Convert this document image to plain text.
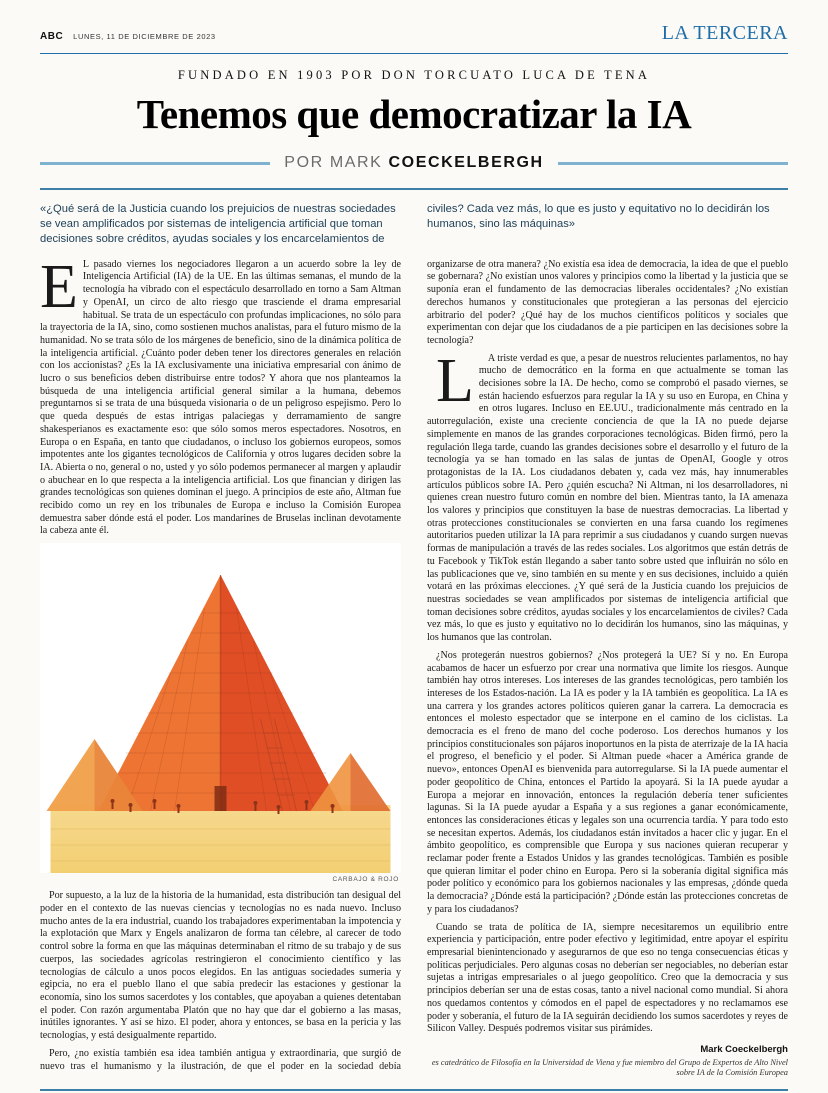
ABC LUNES, 11 DE DICIEMBRE DE 2023	LA TERCERA
FUNDADO EN 1903 POR DON TORCUATO LUCA DE TENA
Tenemos que democratizar la IA
POR MARK COECKELBERGH
«¿Qué será de la Justicia cuando los prejuicios de nuestras sociedades se vean amplificados por sistemas de inteligencia artificial que toman decisiones sobre créditos, ayudas sociales y los encarcelamientos de civiles? Cada vez más, lo que es justo y equitativo no lo decidirán los humanos, sino las máquinas»

EL pasado viernes los negociadores llegaron a un acuerdo sobre la ley de Inteligencia Artificial (IA) de la UE. En las últimas semanas, el mundo de la tecnología ha vibrado con el espectáculo desarrollado en torno a Sam Altman y OpenAI, un circo de alto riesgo que trasciende el drama empresarial habitual. Se trata de un espectáculo con profundas implicaciones, no sólo para la trayectoria de la IA, sino, como sostienen muchos analistas, para el futuro mismo de la humanidad. No se trata sólo de los márgenes de beneficio, sino de la dinámica política de la inteligencia artificial. ¿Cuánto poder deben tener los directores generales en relación con los accionistas? ¿Es la IA exclusivamente una iniciativa empresarial con ánimo de lucro o sus beneficios deben distribuirse entre todos? Y ahora que nos planteamos la búsqueda de una inteligencia artificial general similar a la humana, debemos preguntarnos si se trata de una búsqueda visionaria o de un peligroso espejismo. Pero lo que queda después de estas intrigas palaciegas y derramamiento de sangre shakesperianos es exactamente eso: que sólo somos meros espectadores. Nosotros, en Europa o en España, en tanto que ciudadanos, o incluso los gobiernos europeos, somos impotentes ante los gigantes tecnológicos de California y otros lugares deciden sobre la IA. Abierta o no, general o no, usted y yo sólo podemos permanecer al margen y aplaudir o abuchear en lo que respecta a la inteligencia artificial. Los que financian y dirigen las grandes tecnológicas son quienes dominan el juego. A principios de este año, Altman fue recibido como un rey en los tribunales de Europa e incluso la Comisión Europea demuestra saber dónde está el poder. Los mandarines de Bruselas inclinan devotamente la cabeza ante él.

CARBAJO & ROJO

Por supuesto, a la luz de la historia de la humanidad, esta distribución tan desigual del poder en el contexto de las nuevas ciencias y tecnologías no es nada nuevo. Incluso mucho antes de la era industrial, cuando los trabajadores experimentaban la impotencia y la explotación que Marx y Engels analizaron de forma tan célebre, al carecer de todo control sobre la forma en que las máquinas determinaban el ritmo de su trabajo y de sus cuerpos, las sociedades agrícolas restringieron el conocimiento científico y las tecnologías de cálculo a unos pocos elegidos. En las antiguas sociedades sumeria y egipcia, no era el pueblo llano el que sabía predecir las estaciones y gestionar la economía, sino los sumos sacerdotes y los contables, que apoyaban a quienes detentaban el poder. Con razón argumentaba Platón que no hay que dar el gobierno a las masas, inútiles ignorantes. Y así se hizo. El poder, ahora y entonces, se basa en la pericia y las tecnologías, y está desigualmente repartido.

Pero, ¿no existía también esa idea también antigua y extraordinaria, que surgió de nuevo tras el humanismo y la ilustración, de que el poder en la sociedad debía organizarse de otra manera? ¿No existía esa idea de democracia, la idea de que el pueblo se gobernara? ¿No existían unos valores y principios como la libertad y la justicia que se suponía eran el fundamento de las democracias liberales occidentales? ¿No existían derechos humanos y constitucionales que protegieran a las personas del ejercicio arbitrario del poder? ¿Qué hay de los muchos científicos políticos y sociales que experimentan con dejar que los ciudadanos de a pie participen en las decisiones sobre la tecnología?

LA triste verdad es que, a pesar de nuestros relucientes parlamentos, no hay mucho de democrático en la forma en que actualmente se toman las decisiones sobre la IA. De hecho, como se comprobó el pasado viernes, se están haciendo esfuerzos para regular la IA y su uso en Europa, en China y en otros lugares. Incluso en EE.UU., tradicionalmente más centrado en la autorregulación, existe una creciente conciencia de que la IA no puede dejarse simplemente en manos de las grandes corporaciones tecnológicas. Biden firmó, pero la regulación llega tarde, cuando las grandes decisiones sobre el desarrollo y el futuro de la tecnología ya se han tomado en las salas de juntas de OpenAI, Google y otros protagonistas de la IA. Los ciudadanos debaten y, cada vez más, hay innumerables artículos públicos sobre IA. Pero ¿quién escucha? Ni Altman, ni los desarrolladores, ni quienes crean nuestro futuro común en nombre del bien. Mientras tanto, la IA amenaza los valores y principios que constituyen la base de nuestras democracias. La libertad y otras protecciones constitucionales se convierten en una farsa cuando los regímenes autoritarios pueden utilizar la IA para reprimir a sus ciudadanos y cuando surgen nuevas formas de manipulación a través de las redes sociales. Los algoritmos que están detrás de tu Facebook y TikTok están llegando a saber tanto sobre usted que influirán no sólo en las publicaciones que ve, sino también en su mente y en sus decisiones, incluido a quién votará en las próximas elecciones. ¿Y qué será de la Justicia cuando los prejuicios de nuestras sociedades se vean amplificados por sistemas de inteligencia artificial que toman decisiones sobre créditos, ayudas sociales y los encarcelamientos de civiles? Cada vez más, lo que es justo y equitativo no lo decidirán los humanos, sino las máquinas, y los humanos que las controlan.

¿Nos protegerán nuestros gobiernos? ¿Nos protegerá la UE? Sí y no. En Europa acabamos de hacer un esfuerzo por crear una normativa que limite los riesgos. Aunque también hay otros intereses. Los intereses de las grandes tecnológicas, pero también los intereses de los Estados-nación. La IA es poder y la IA también es geopolítica. La IA es una carrera y los grandes actores políticos quieren ganar la carrera. La democracia es entonces el molesto espectador que se interpone en el camino de los ciclistas. La democracia es el freno de mano del coche poderoso. Los derechos humanos y los principios constitucionales son pájaros inoportunos en la pista de aterrizaje de la IA hacia el progreso, el beneficio y el poder. Si Altman puede «hacer a América grande de nuevo», entonces OpenAI es bienvenida para autorregularse. Si la IA puede aumentar el poder geopolítico de China, entonces el Partido la apoyará. Si la IA puede ayudar a Europa a mejorar en innovación, entonces la regulación debería tener suficientes lagunas. Si la IA puede ayudar a España y a sus regiones a ganar económicamente, entonces las consideraciones éticas y legales son una ocurrencia tardía. Y para todo esto se necesitan expertos. Además, los ciudadanos están invitados a hacer clic y jugar. En el ámbito geopolítico, es comprensible que Europa y sus naciones quieran recuperar y reclamar poder frente a Estados Unidos y las grandes tecnológicas. También es posible que quieran limitar el poder chino en Europa. Pero si la soberanía digital significa más poder político y económico para los gobiernos nacionales y las empresas, ¿dónde queda la democracia? ¿Dónde está la participación? ¿Dónde están las protecciones concretas de y para los ciudadanos?

Cuando se trata de política de IA, siempre necesitaremos un equilibrio entre experiencia y participación, entre poder efectivo y legitimidad, entre apoyar el espíritu empresarial bienintencionado y asegurarnos de que eso no tenga consecuencias éticas y políticas perjudiciales. Pero algunas cosas no deberían ser negociables, no deberían estar sujetas a intrigas empresariales o al juego geopolítico. Creo que la democracia y sus principios deberían ser una de estas cosas, tanto a nivel nacional como mundial. Si ahora nos quedamos contentos y cómodos en el papel de espectadores y no reclamamos ese poder y soberanía, el futuro de la IA seguirán decidiendo los sumos sacerdotes y reyes de Silicon Valley. Después podremos visitar sus pirámides.

Mark Coeckelbergh
es catedrático de Filosofía en la Universidad de Viena y fue miembro del Grupo de Expertos de Alto Nivel sobre IA de la Comisión Europea
